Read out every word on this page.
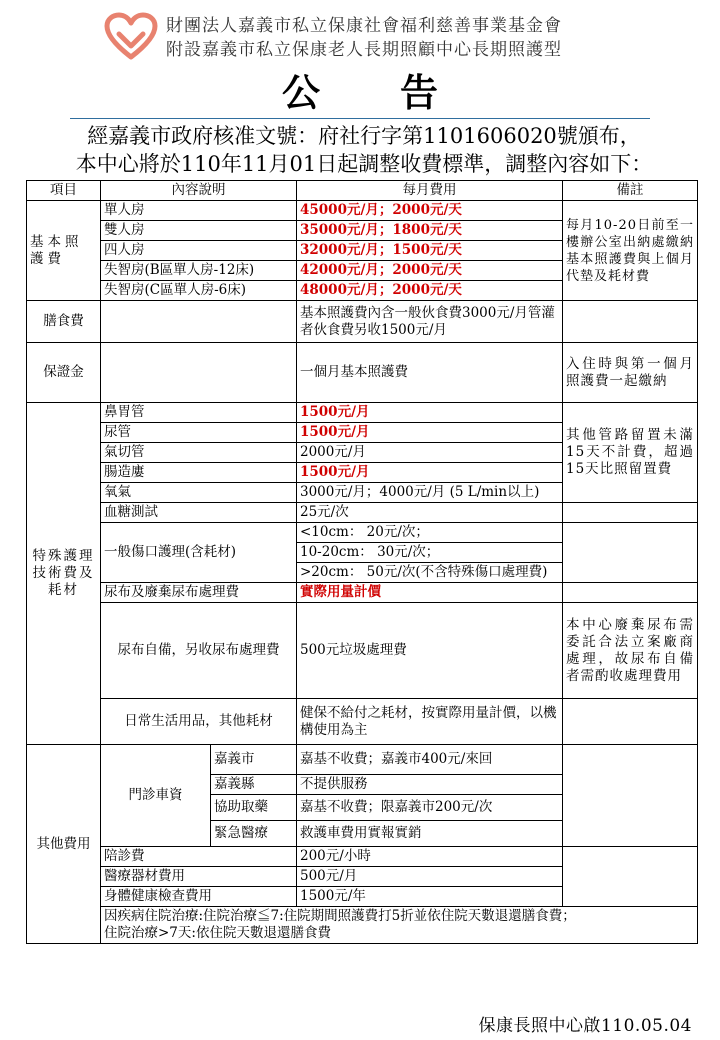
財團法人嘉義市私立保康社會福利慈善事業基金會
附設嘉義市私立保康老人長期照顧中心長期照護型
公告
經嘉義市政府核准文號：府社行字第1101606020號頒布，
本中心將於110年11月01日起調整收費標準，調整內容如下：
項目	內容說明		每月費用	備註
基本照護費	單人房		45000元/月；2000元/天	每月10-20日前至一樓辦公室出納處繳納基本照護費與上個月代墊及耗材費
	雙人房		35000元/月；1800元/天	
	四人房		32000元/月；1500元/天	
	失智房(B區單人房-12床)		42000元/月；2000元/天	
	失智房(C區單人房-6床)		48000元/月；2000元/天	
膳食費			基本照護費內含一般伙食費3000元/月管灌者伙食費另收1500元/月	
保證金			一個月基本照護費	入住時與第一個月照護費一起繳納
特殊護理技術費及耗材	鼻胃管		1500元/月	其他管路留置未滿15天不計費，超過15天比照留置費
	尿管		1500元/月	
	氣切管		2000元/月	
	腸造廔		1500元/月	
	氧氣		3000元/月；4000元/月 (5 L/min以上)	
	血糖測試		25元/次	
	一般傷口護理(含耗材)		<10cm： 20元/次；	
			10-20cm： 30元/次；	
			>20cm： 50元/次(不含特殊傷口處理費)	
	尿布及廢棄尿布處理費		實際用量計價	
	尿布自備，另收尿布處理費		500元垃圾處理費	本中心廢棄尿布需委託合法立案廠商處理，故尿布自備者需酌收處理費用
	日常生活用品，其他耗材		健保不給付之耗材，按實際用量計價，以機構使用為主	
其他費用	門診車資	嘉義市	嘉基不收費；嘉義市400元/來回	
		嘉義縣	不提供服務	
		協助取藥	嘉基不收費；限嘉義市200元/次	
		緊急醫療	救護車費用實報實銷	
	陪診費		200元/小時	
	醫療器材費用		500元/月	
	身體健康檢查費用		1500元/年	

	因疾病住院治療:住院治療≦7:住院期間照護費打5折並依住院天數退還膳食費；
住院治療>7天:依住院天數退還膳食費			
保康長照中心啟110.05.04
